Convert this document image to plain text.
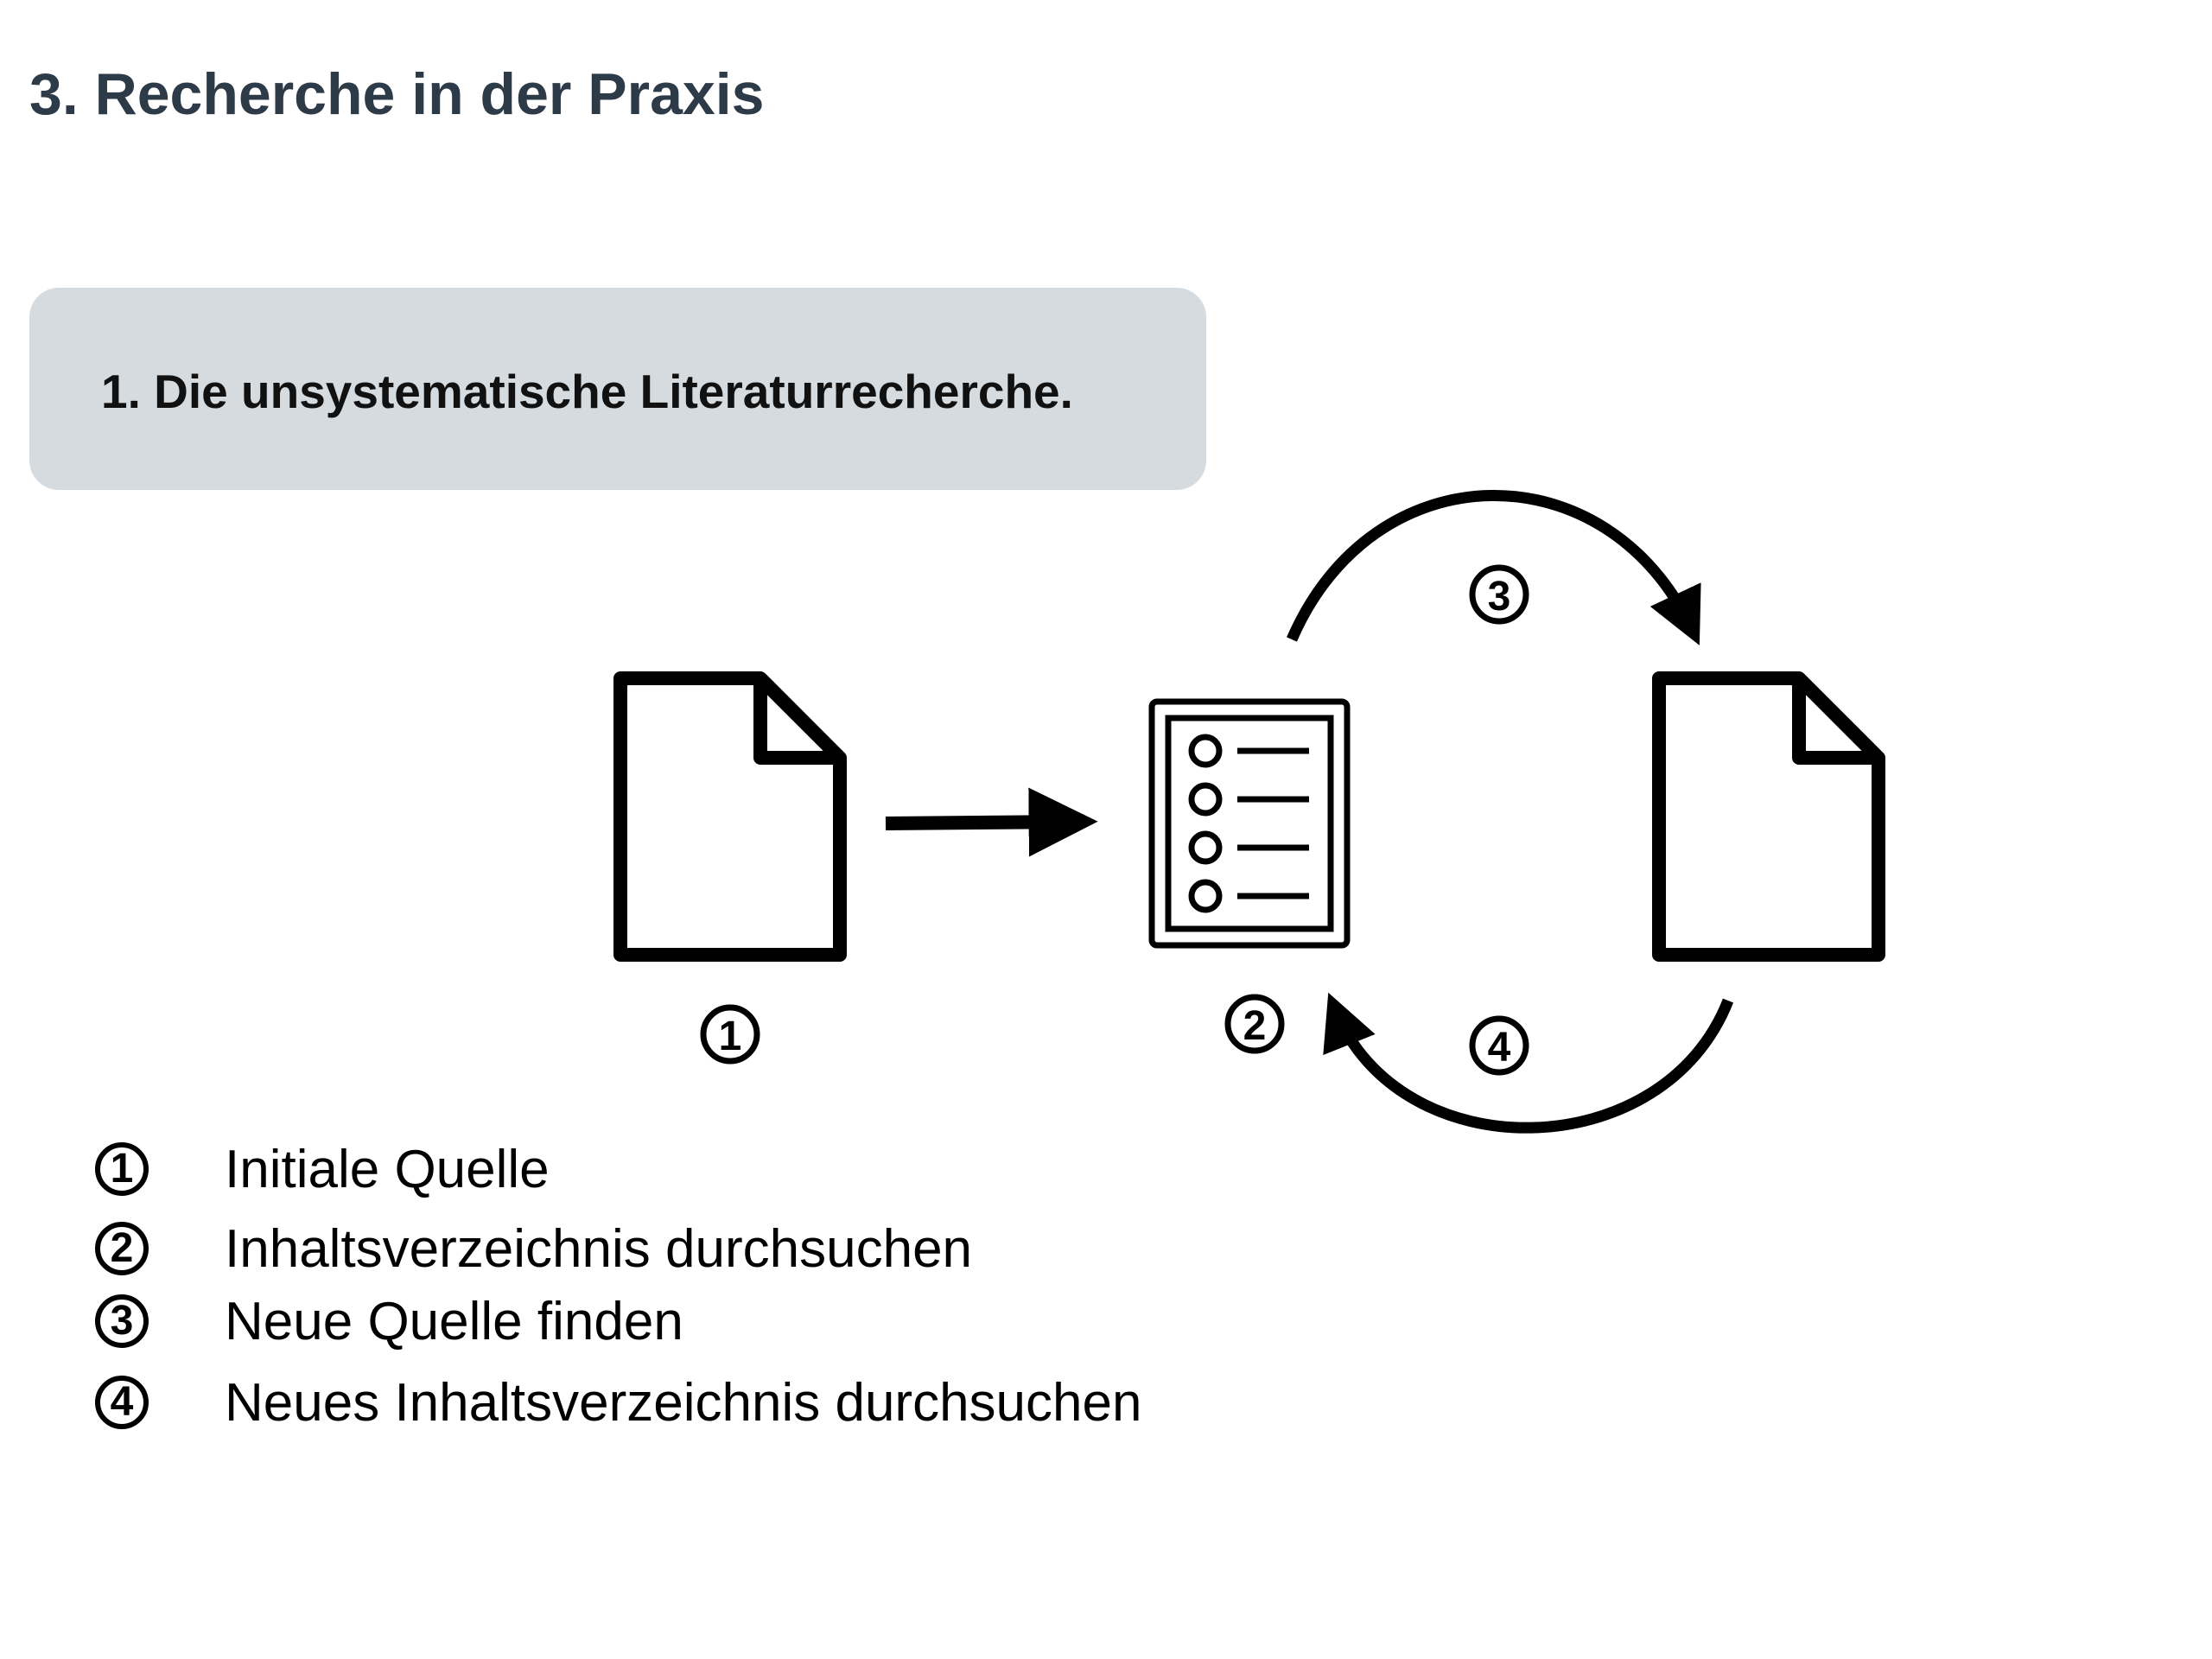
3. Recherche in der Praxis
1. Die unsystematische Literaturrecherche.
1	2
3
4
1 Initiale Quelle
2 Inhaltsverzeichnis durchsuchen
3 Neue Quelle finden
4 Neues Inhaltsverzeichnis durchsuchen
